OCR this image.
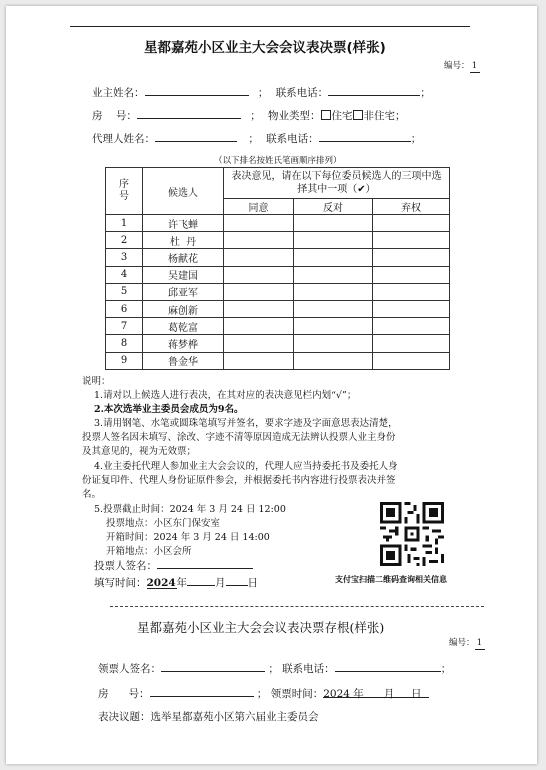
星都嘉苑小区业主大会会议表决票(样张)
编号： 1
业主姓名：	； 联系电话：	；
房    号：	； 物业类型： 住宅 非住宅；
代理人姓名：	； 联系电话：	；
（以下排名按姓氏笔画顺序排列）
序号	候选人	表决意见，请在以下每位委员候选人的三项中选择其中一项（✔）		
		同意	反对	弃权
1	许飞蝉			
2	杜  丹			
3	杨献花			
4	吴建国			
5	邱亚军			
6	麻创新			
7	葛乾富			
8	蒋梦桦			
9	鲁金华			
说明：
1.请对以上候选人进行表决，在其对应的表决意见栏内划“√”；
2.本次选举业主委员会成员为9名。
3.请用钢笔、水笔或圆珠笔填写并签名，要求字迹及字面意思表达清楚，
投票人签名因未填写、涂改、字迹不清等原因造成无法辨认投票人业主身份
及其意见的，视为无效票；
4.业主委托代理人参加业主大会会议的，代理人应当持委托书及委托人身
份证复印件、代理人身份证原件参会，并根据委托书内容进行投票表决并签
名。
5.投票截止时间：2024 年 3 月 24 日 12:00
投票地点：小区东门保安室
开箱时间：2024 年 3 月 24 日 14:00
开箱地点：小区会所
投票人签名：
填写时间：2024年	月 日	支付宝扫描二维码查询相关信息
星都嘉苑小区业主大会会议表决票存根(样张)
编号： 1
领票人签名：	； 联系电话：	；
房      号：	； 领票时间：2024 年 月 日
表决议题：选举星都嘉苑小区第六届业主委员会
